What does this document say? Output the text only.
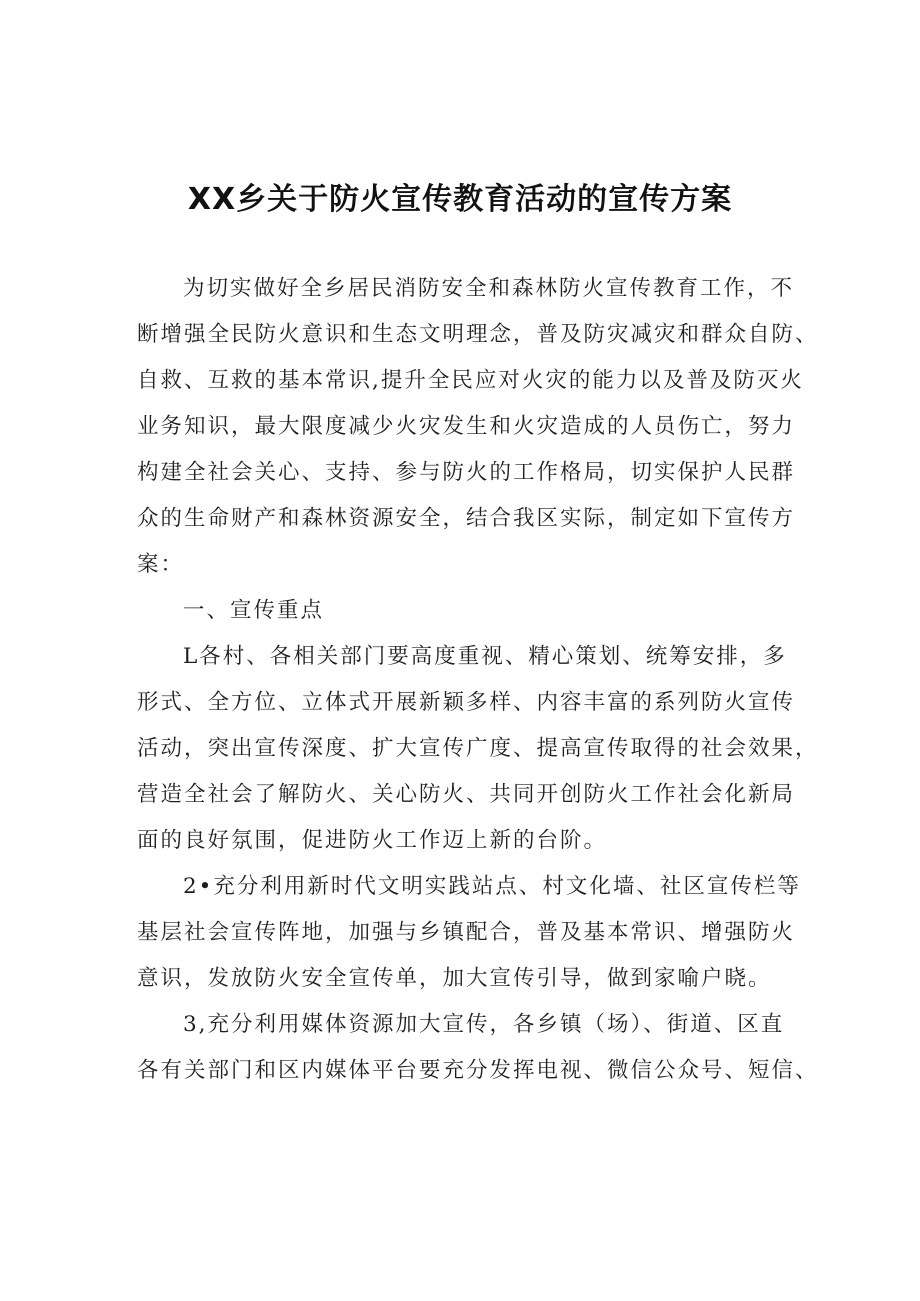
XX乡关于防火宣传教育活动的宣传方案
为切实做好全乡居民消防安全和森林防火宣传教育工作，不
断增强全民防火意识和生态文明理念，普及防灾减灾和群众自防、
自救、互救的基本常识,提升全民应对火灾的能力以及普及防灭火
业务知识，最大限度减少火灾发生和火灾造成的人员伤亡，努力
构建全社会关心、支持、参与防火的工作格局，切实保护人民群
众的生命财产和森林资源安全，结合我区实际，制定如下宣传方
案：
一、宣传重点
L各村、各相关部门要高度重视、精心策划、统筹安排，多
形式、全方位、立体式开展新颖多样、内容丰富的系列防火宣传
活动，突出宣传深度、扩大宣传广度、提高宣传取得的社会效果，
营造全社会了解防火、关心防火、共同开创防火工作社会化新局
面的良好氛围，促进防火工作迈上新的台阶。
2•充分利用新时代文明实践站点、村文化墙、社区宣传栏等
基层社会宣传阵地，加强与乡镇配合，普及基本常识、增强防火
意识，发放防火安全宣传单，加大宣传引导，做到家喻户晓。
3,充分利用媒体资源加大宣传，各乡镇（场）、街道、区直
各有关部门和区内媒体平台要充分发挥电视、微信公众号、短信、
